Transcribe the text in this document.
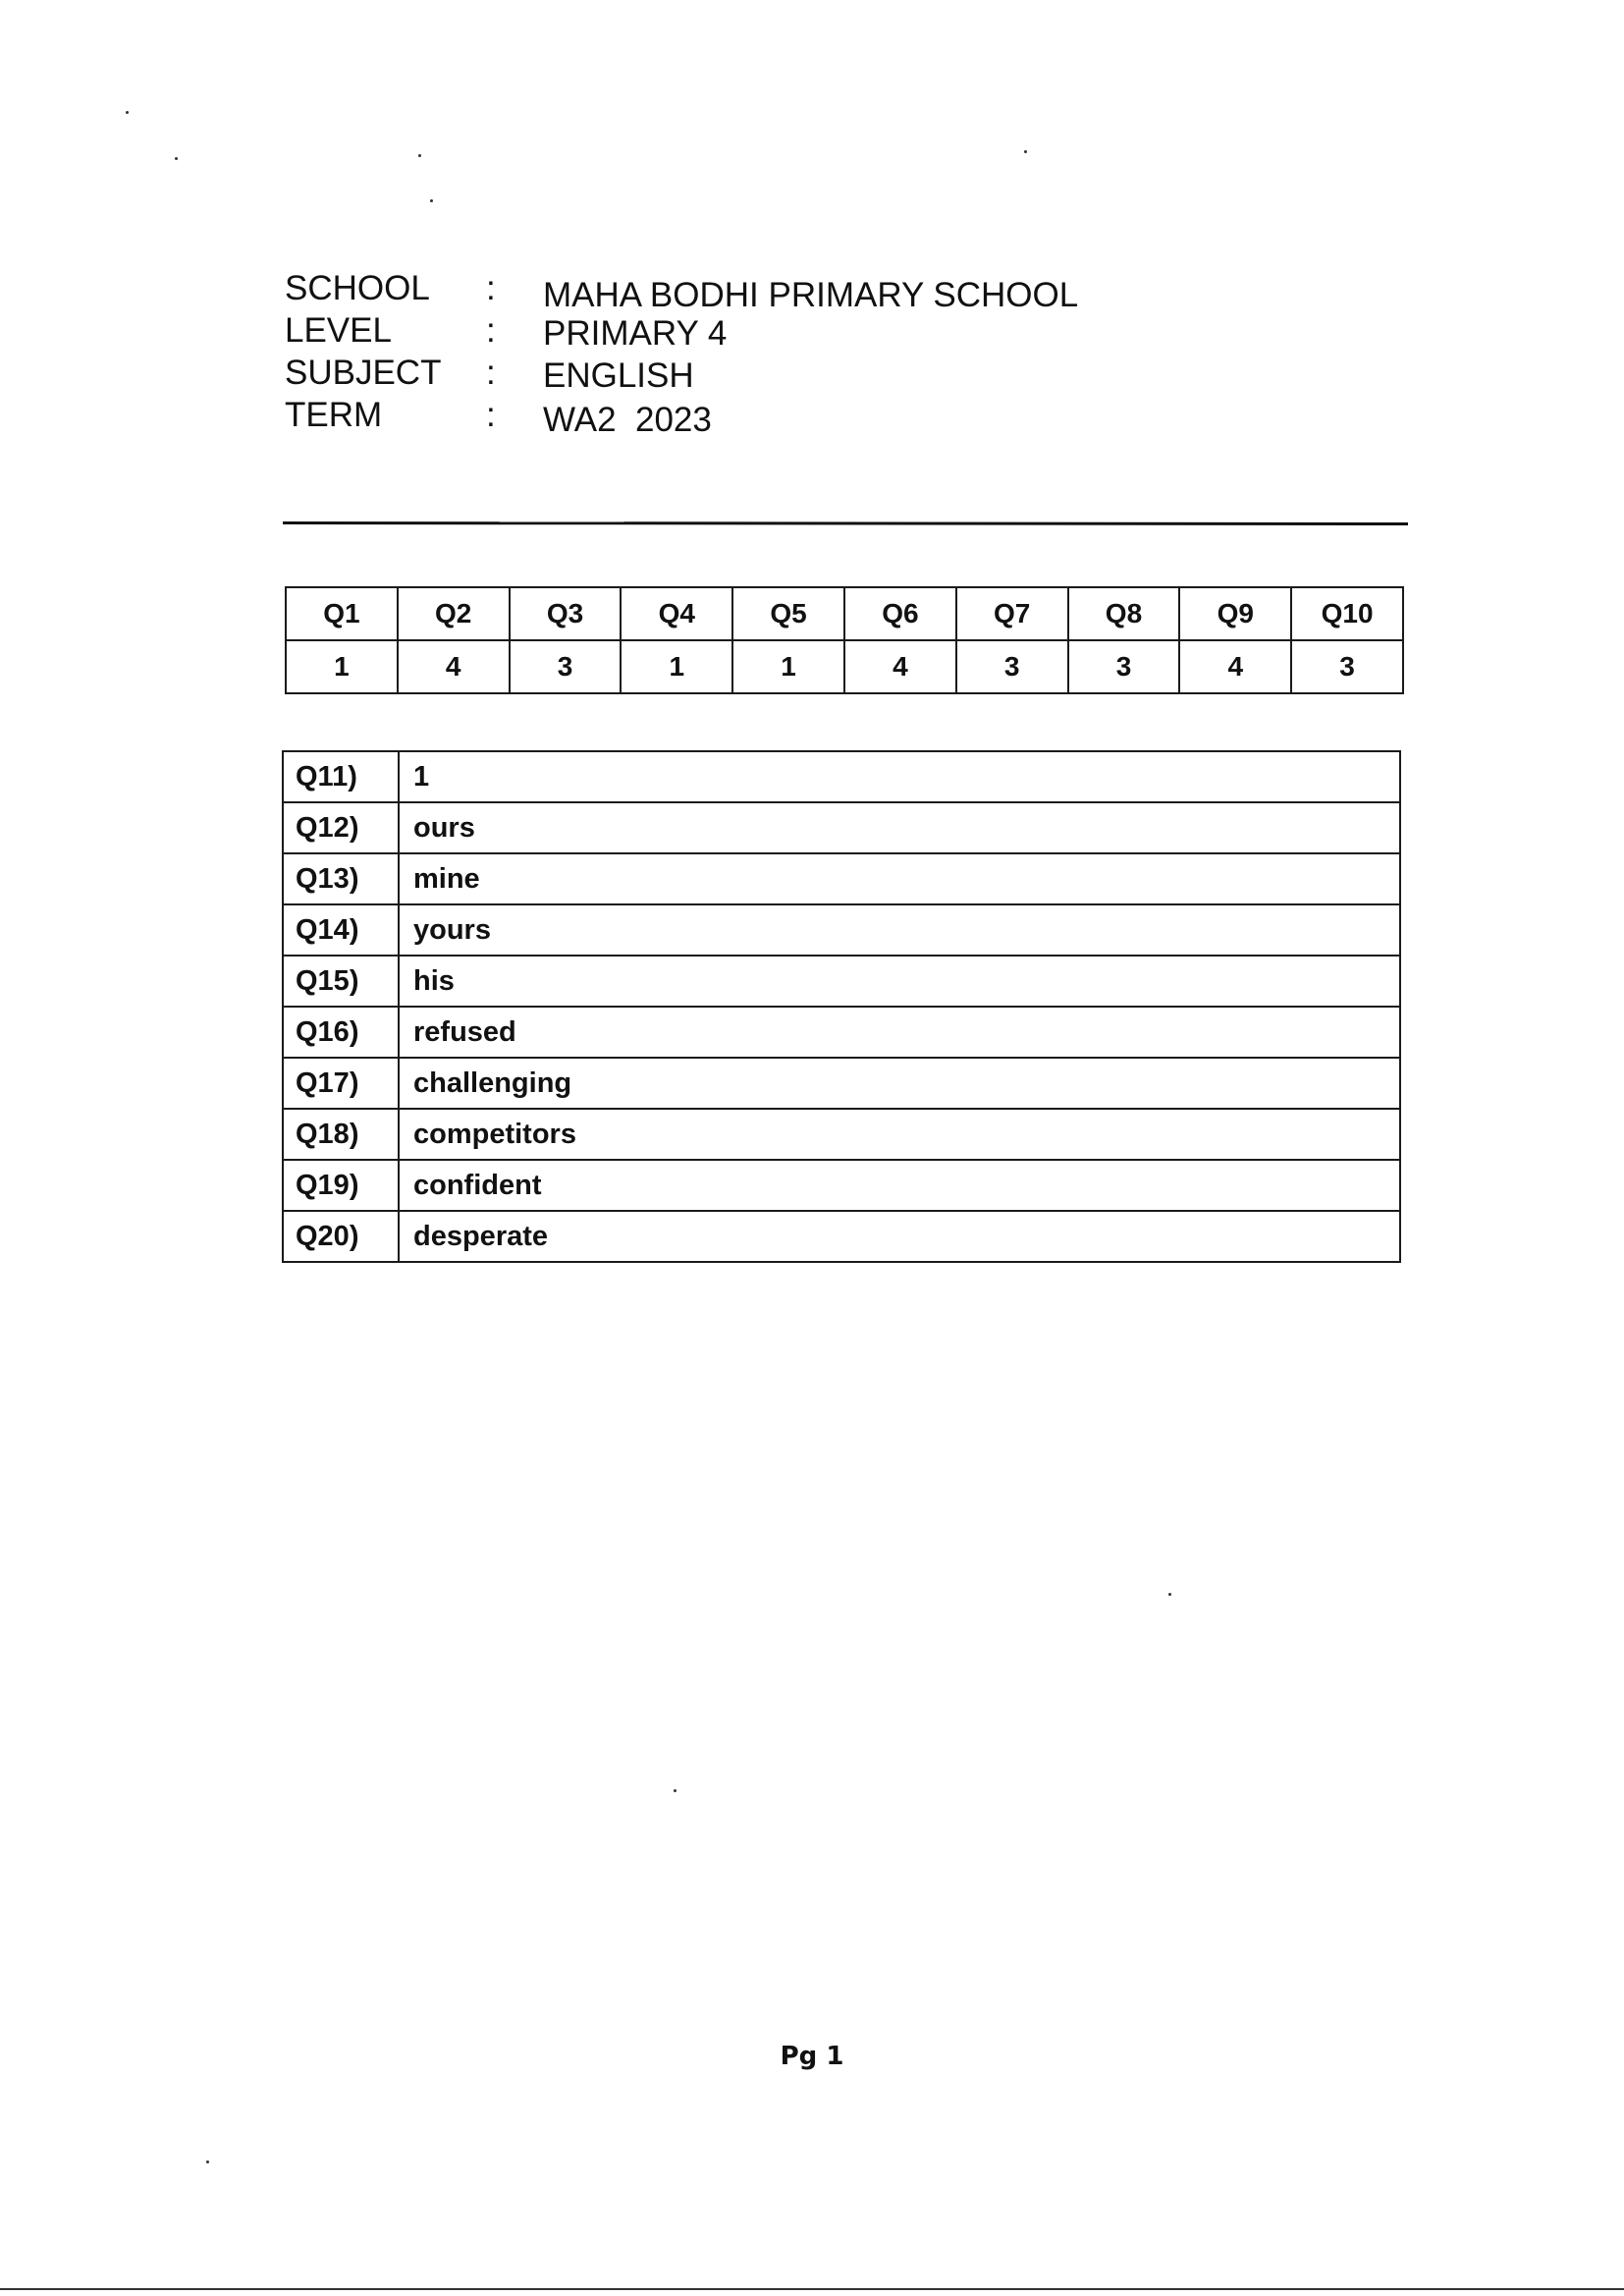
SCHOOL	:	MAHA BODHI PRIMARY SCHOOL
LEVEL	:	PRIMARY 4
SUBJECT	:	ENGLISH
TERM	:	WA2  2023
Q1	Q2	Q3	Q4	Q5	Q6	Q7	Q8	Q9	Q10
1	4	3	1	1	4	3	3	4	3
Q11)	1
Q12)	ours
Q13)	mine
Q14)	yours
Q15)	his
Q16)	refused
Q17)	challenging
Q18)	competitors
Q19)	confident
Q20)	desperate
Pg 1
